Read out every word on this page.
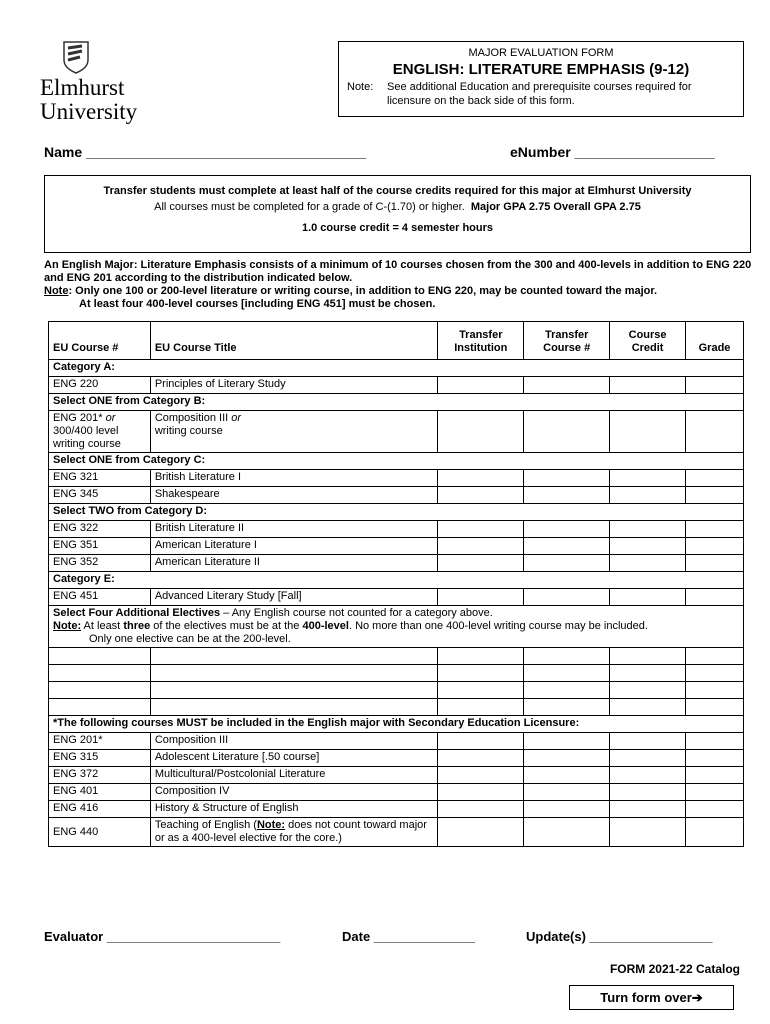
Elmhurst
University
MAJOR EVALUATION FORM
ENGLISH: LITERATURE EMPHASIS (9-12)
Note:	See additional Education and prerequisite courses required for licensure on the back side of this form.
Name ____________________________________	eNumber __________________
Transfer students must complete at least half of the course credits required for this major at Elmhurst University
All courses must be completed for a grade of C-(1.70) or higher. Major GPA 2.75 Overall GPA 2.75
1.0 course credit = 4 semester hours
An English Major: Literature Emphasis consists of a minimum of 10 courses chosen from the 300 and 400-levels in addition to ENG 220 and ENG 201 according to the distribution indicated below.
Note: Only one 100 or 200-level literature or writing course, in addition to ENG 220, may be counted toward the major.
At least four 400-level courses [including ENG 451] must be chosen.
EU Course #	EU Course Title	Transfer Institution	Transfer Course #	Course Credit	Grade
Category A:					
ENG 220	Principles of Literary Study				
Select ONE from Category B:					
ENG 201* or
300/400 level writing course	Composition III or
writing course				
Select ONE from Category C:					
ENG 321	British Literature I				
ENG 345	Shakespeare				
Select TWO from Category D:					
ENG 322	British Literature II				
ENG 351	American Literature I				
ENG 352	American Literature II				
Category E:					
ENG 451	Advanced Literary Study [Fall]				
Select Four Additional Electives – Any English course not counted for a category above.
Note: At least three of the electives must be at the 400-level. No more than one 400-level writing course may be included.
Only one elective can be at the 200-level.					

*The following courses MUST be included in the English major with Secondary Education Licensure:					
ENG 201*	Composition III				
ENG 315	Adolescent Literature [.50 course]				
ENG 372	Multicultural/Postcolonial Literature				
ENG 401	Composition IV				
ENG 416	History & Structure of English				
ENG 440	Teaching of English (Note: does not count toward major or as a 400-level elective for the core.)				
Evaluator ________________________	Date ______________	Update(s) _________________
FORM 2021-22 Catalog
Turn form over➔
